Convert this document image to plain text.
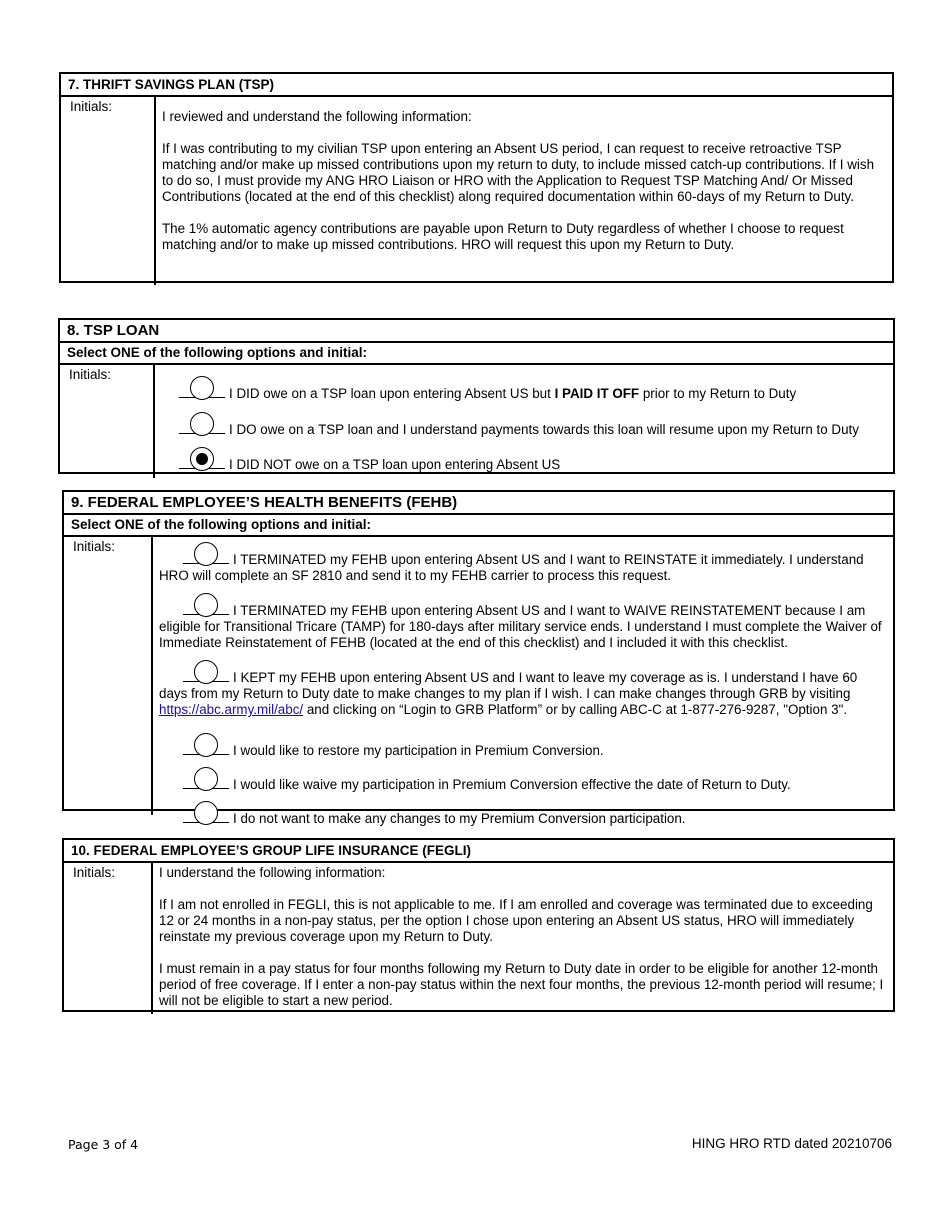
7. THRIFT SAVINGS PLAN (TSP)
Initials:

I reviewed and understand the following information:

If I was contributing to my civilian TSP upon entering an Absent US period, I can request to receive retroactive TSP matching and/or make up missed contributions upon my return to duty, to include missed catch-up contributions. If I wish to do so, I must provide my ANG HRO Liaison or HRO with the Application to Request TSP Matching And/ Or Missed Contributions (located at the end of this checklist) along required documentation within 60-days of my Return to Duty.

The 1% automatic agency contributions are payable upon Return to Duty regardless of whether I choose to request matching and/or to make up missed contributions. HRO will request this upon my Return to Duty.

8. TSP LOAN
Select ONE of the following options and initial:
Initials:
I DID owe on a TSP loan upon entering Absent US but I PAID IT OFF prior to my Return to Duty
I DO owe on a TSP loan and I understand payments towards this loan will resume upon my Return to Duty
I DID NOT owe on a TSP loan upon entering Absent US
9. FEDERAL EMPLOYEE’S HEALTH BENEFITS (FEHB)
Select ONE of the following options and initial:
Initials:

I TERMINATED my FEHB upon entering Absent US and I want to REINSTATE it immediately. I understand HRO will complete an SF 2810 and send it to my FEHB carrier to process this request.

I TERMINATED my FEHB upon entering Absent US and I want to WAIVE REINSTATEMENT because I am eligible for Transitional Tricare (TAMP) for 180-days after military service ends. I understand I must complete the Waiver of Immediate Reinstatement of FEHB (located at the end of this checklist) and I included it with this checklist.

I KEPT my FEHB upon entering Absent US and I want to leave my coverage as is. I understand I have 60 days from my Return to Duty date to make changes to my plan if I wish. I can make changes through GRB by visiting https://abc.army.mil/abc/ and clicking on “Login to GRB Platform” or by calling ABC-C at 1-877-276-9287, "Option 3".

I would like to restore my participation in Premium Conversion.
I would like waive my participation in Premium Conversion effective the date of Return to Duty.
I do not want to make any changes to my Premium Conversion participation.
10. FEDERAL EMPLOYEE’S GROUP LIFE INSURANCE (FEGLI)
Initials:	I understand the following information:

If I am not enrolled in FEGLI, this is not applicable to me. If I am enrolled and coverage was terminated due to exceeding 12 or 24 months in a non-pay status, per the option I chose upon entering an Absent US status, HRO will immediately reinstate my previous coverage upon my Return to Duty.

I must remain in a pay status for four months following my Return to Duty date in order to be eligible for another 12-month period of free coverage. If I enter a non-pay status within the next four months, the previous 12-month period will resume; I will not be eligible to start a new period.

Page 3 of 4	HING HRO RTD dated 20210706
